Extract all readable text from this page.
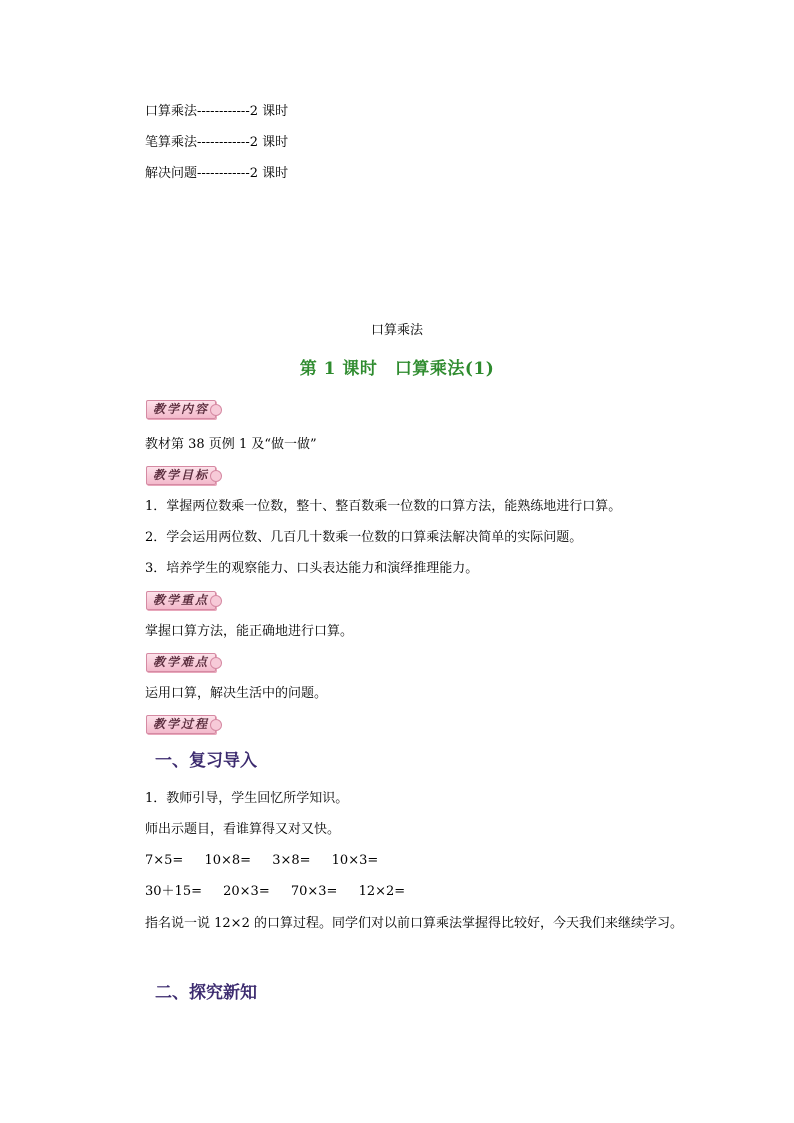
口算乘法------------2 课时
笔算乘法------------2 课时
解决问题------------2 课时
口算乘法
第 1 课时　口算乘法(1)
教学内容
教材第 38 页例 1 及“做一做”
教学目标
1．掌握两位数乘一位数，整十、整百数乘一位数的口算方法，能熟练地进行口算。
2．学会运用两位数、几百几十数乘一位数的口算乘法解决简单的实际问题。
3．培养学生的观察能力、口头表达能力和演绎推理能力。
教学重点
掌握口算方法，能正确地进行口算。
教学难点
运用口算，解决生活中的问题。
教学过程
一、复习导入
1．教师引导，学生回忆所学知识。
师出示题目，看谁算得又对又快。
7×5=　 10×8=　 3×8=　 10×3=
30＋15=　 20×3=　 70×3=　 12×2=
指名说一说 12×2 的口算过程。同学们对以前口算乘法掌握得比较好，今天我们来继续学习。
二、探究新知
